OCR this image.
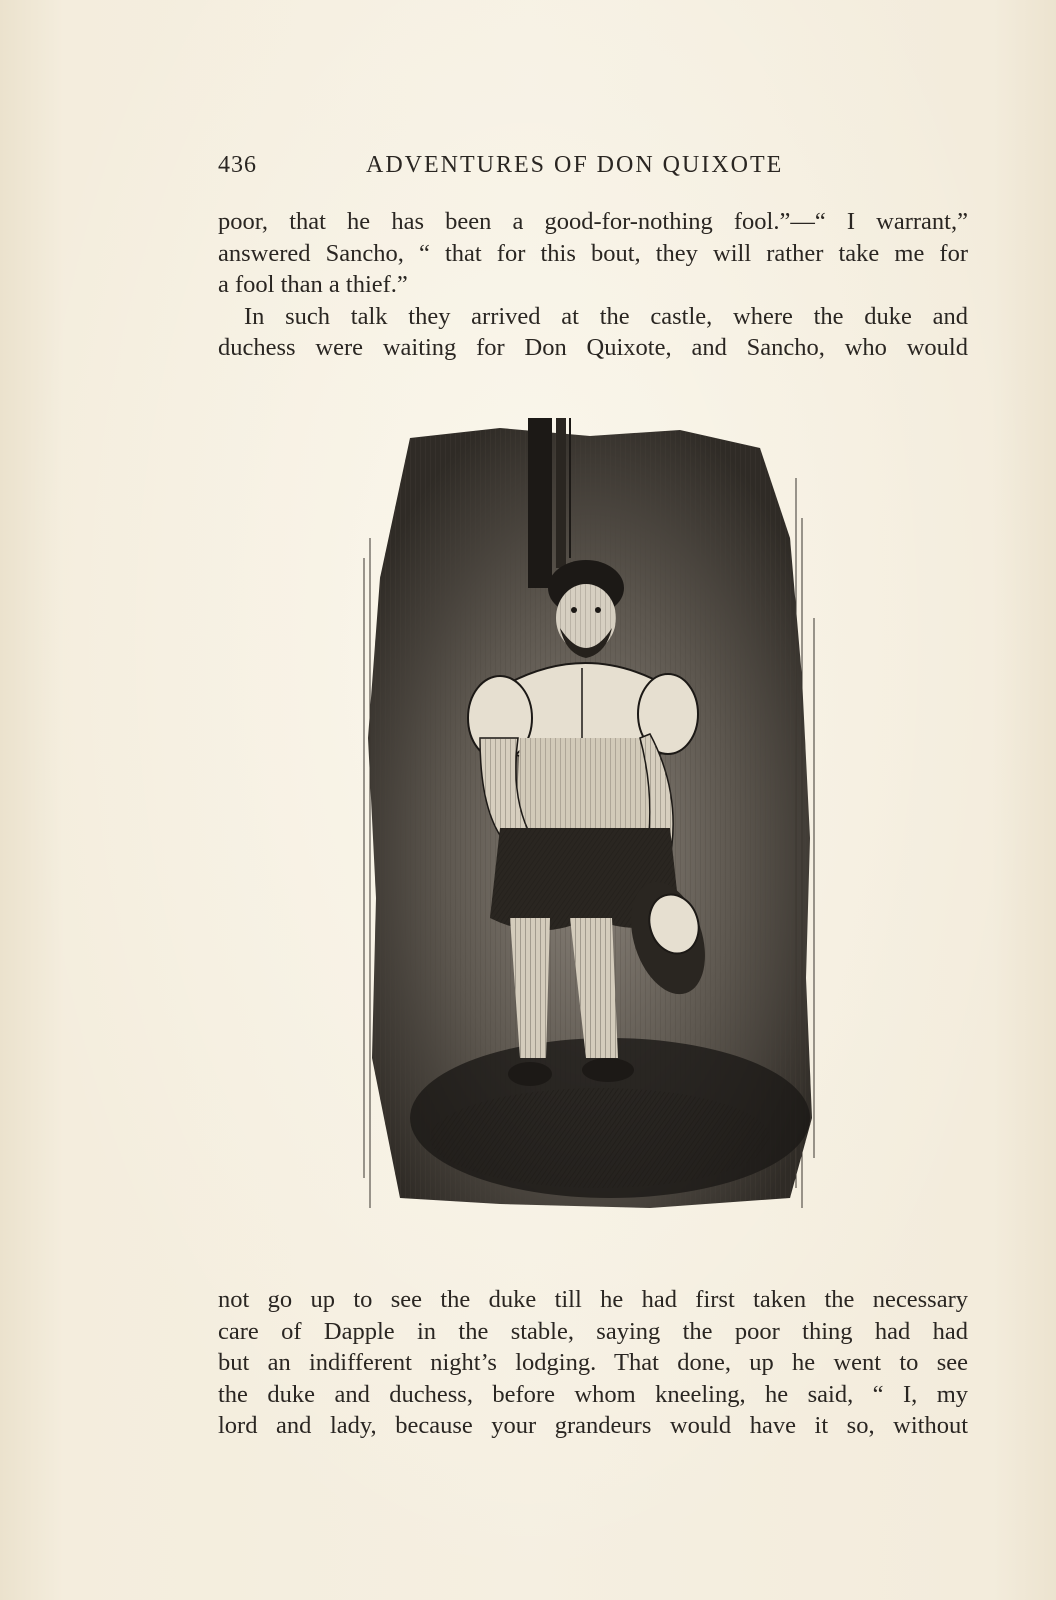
436	ADVENTURES OF DON QUIXOTE
poor, that he has been a good-for-nothing fool.”—“ I warrant,”
answered Sancho, “ that for this bout, they will rather take me for
a fool than a thief.”
In such talk they arrived at the castle, where the duke and
duchess were waiting for Don Quixote, and Sancho, who would
not go up to see the duke till he had first taken the necessary
care of Dapple in the stable, saying the poor thing had had
but an indifferent night’s lodging. That done, up he went to see
the duke and duchess, before whom kneeling, he said, “ I, my
lord and lady, because your grandeurs would have it so, without
